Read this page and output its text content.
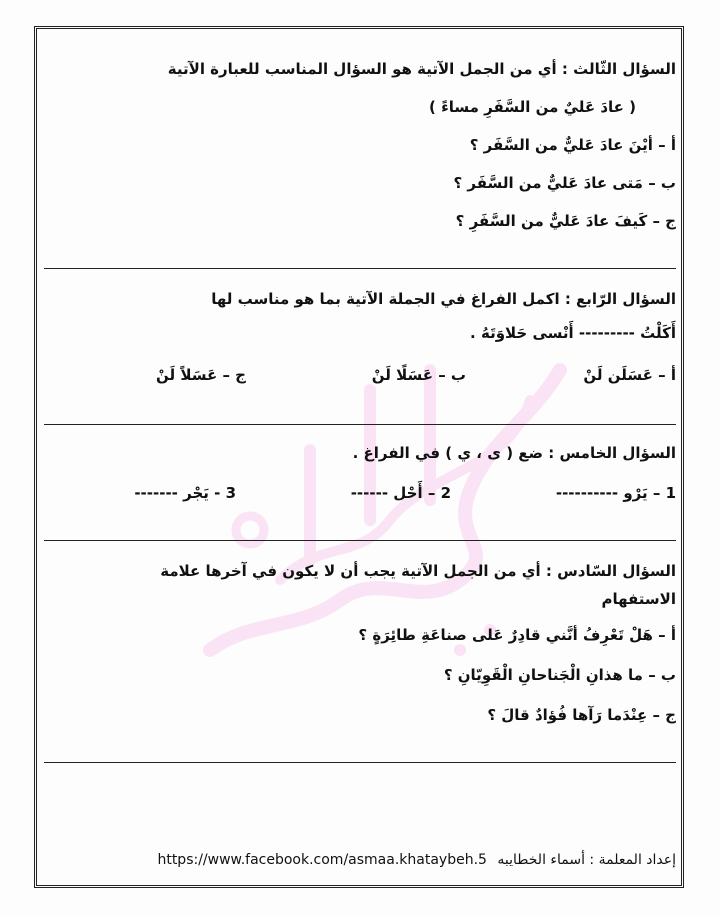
السؤال الثّالث : أي من الجمل الآتية هو السؤال المناسب للعبارة الآتية
( عادَ عَليٌ من السَّفَرِ مساءً )
أ – أيْنَ عادَ عَليٌّ من السَّفَر ؟
ب – مَتى عادَ عَليٌّ من السَّفَر ؟
ج – كَيفَ عادَ عَليٌّ من السَّفَرِ ؟
السؤال الرّابع : اكمل الفراغ في الجملة الآتية بما هو مناسب لها
أَكَلْتُ --------- أَنْسى حَلاوَتَهُ .
أ – عَسَلَن لَنْ
ب – عَسَلًا لَنْ
ج – عَسَلاً لَنْ
السؤال الخامس : ضع ( ى ، ي ) في الفراغ .
1 – يَرْو ----------
2 – أَحْل ------
3 - يَجْر -------
السؤال السّادس : أي من الجمل الآتية يجب أن لا يكون في آخرها علامة
الاستفهام
أ – هَلْ تَعْرِفُ أنَّني قادِرٌ عَلى صناعَةِ طائِرَةٍ ؟
ب – ما هذانِ الْجَناحانِ الْقَوِيّانِ ؟
ج – عِنْدَما رَآها فُؤادٌ قالَ ؟
إعداد المعلمة : أسماء الخطايبه https://www.facebook.com/asmaa.khataybeh.5
